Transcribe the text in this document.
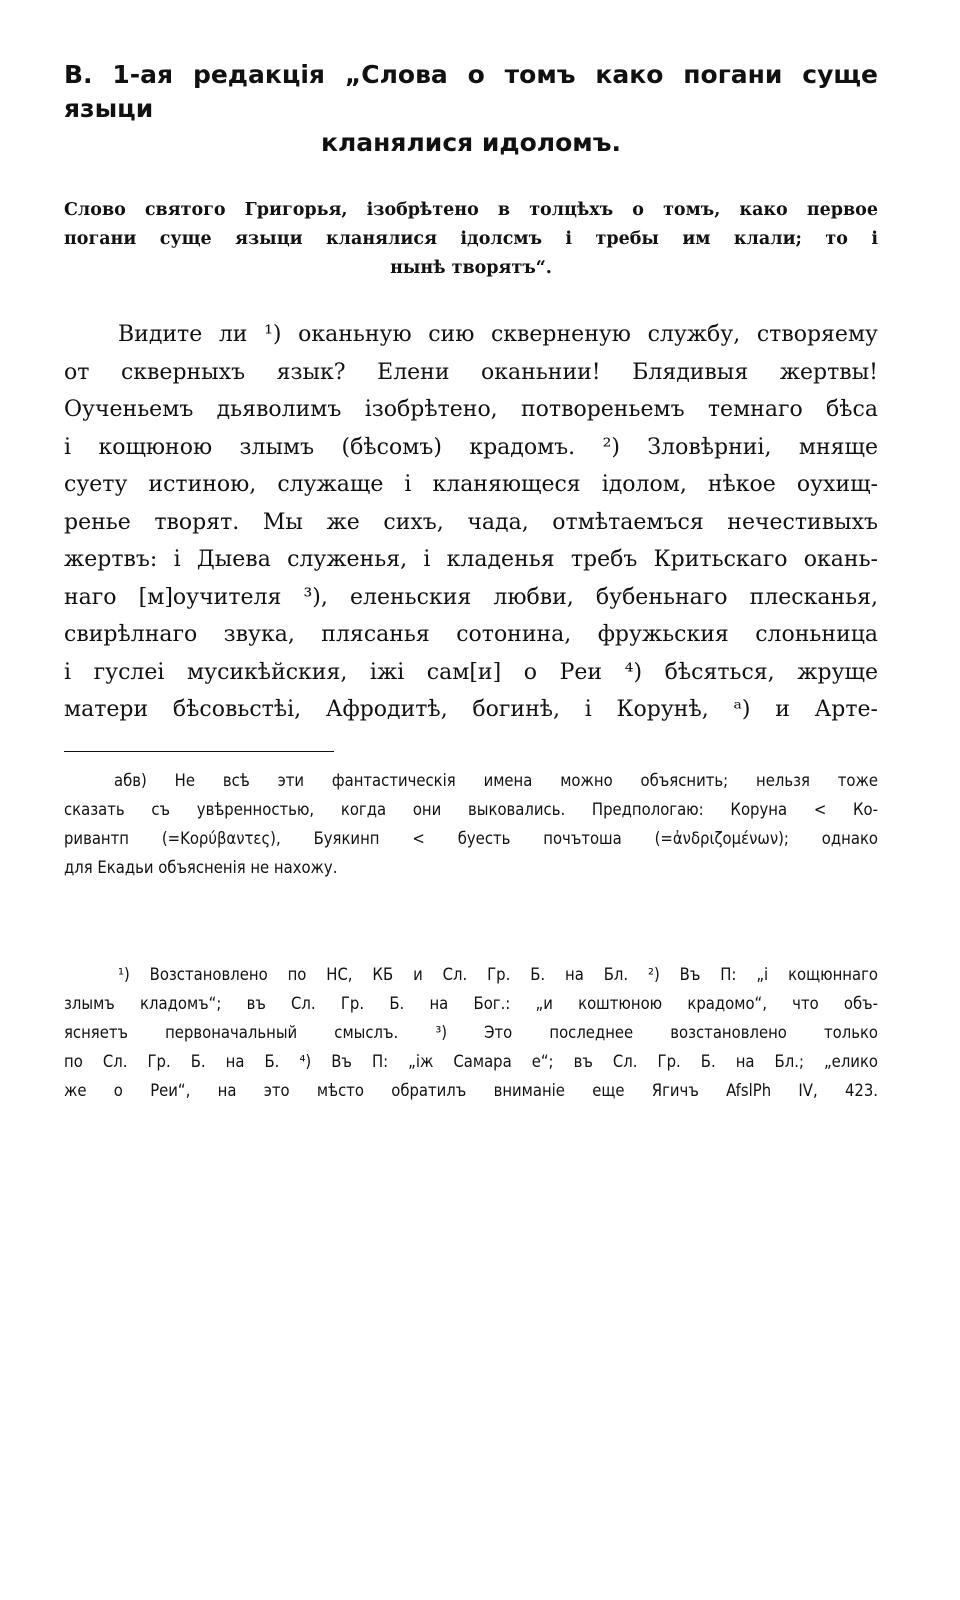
В. 1-ая редакція „Слова о томъ како погани суще языци
кланялися идоломъ.
Слово святого Григорья, ізобрѣтено в толцѣхъ о томъ, како первое
погани суще языци кланялися ідолсмъ і требы им клали; то і
нынѣ творятъ“.
Видите ли ¹) оканьную сию скверненую службу, створяему
от скверныхъ язык? Елени оканьнии! Блядивыя жертвы!
Оученьемъ дьяволимъ ізобрѣтено, потвореньемъ темнаго бѣса
і кощюною злымъ (бѣсомъ) крадомъ. ²) Зловѣрниі, мняще
суету истиною, служаще і кланяющеся ідолом, нѣкое оухищ-
ренье творят. Мы же сихъ, чада, отмѣтаемъся нечестивыхъ
жертвъ: і Дыева служенья, і кладенья требъ Критьскаго окань-
наго [м]оучителя ³), еленьския любви, бубеньнаго плесканья,
свирѣлнаго звука, плясанья сотонина, фружьския слоньница
і гуслеі мусикѣйския, іжі сам[и] о Реи ⁴) бѣсяться, жруще
матери бѣсовьстѣі, Афродитѣ, богинѣ, і Корунѣ, ᵃ) и Арте-
абв) Не всѣ эти фантастическія имена можно объяснить; нельзя тоже
сказать съ увѣренностью, когда они выковались. Предпологаю: Коруна < Ко-
ривантп (=Κορύβαντες), Буякинп < буесть почътоша (=ἀνδριζομένων); однако
для Екадьи объясненія не нахожу.
¹) Возстановлено по НС, КБ и Сл. Гр. Б. на Бл. ²) Въ П: „і кощюннаго
злымъ кладомъ“; въ Сл. Гр. Б. на Бог.: „и коштюною крадомо“, что объ-
ясняетъ первоначальный смыслъ. ³) Это последнее возстановлено только
по Сл. Гр. Б. на Б. ⁴) Въ П: „іж Самара е“; въ Сл. Гр. Б. на Бл.; „елико
же о Реи“, на это мѣсто обратилъ вниманіе еще Ягичъ AfslPh IV, 423.
